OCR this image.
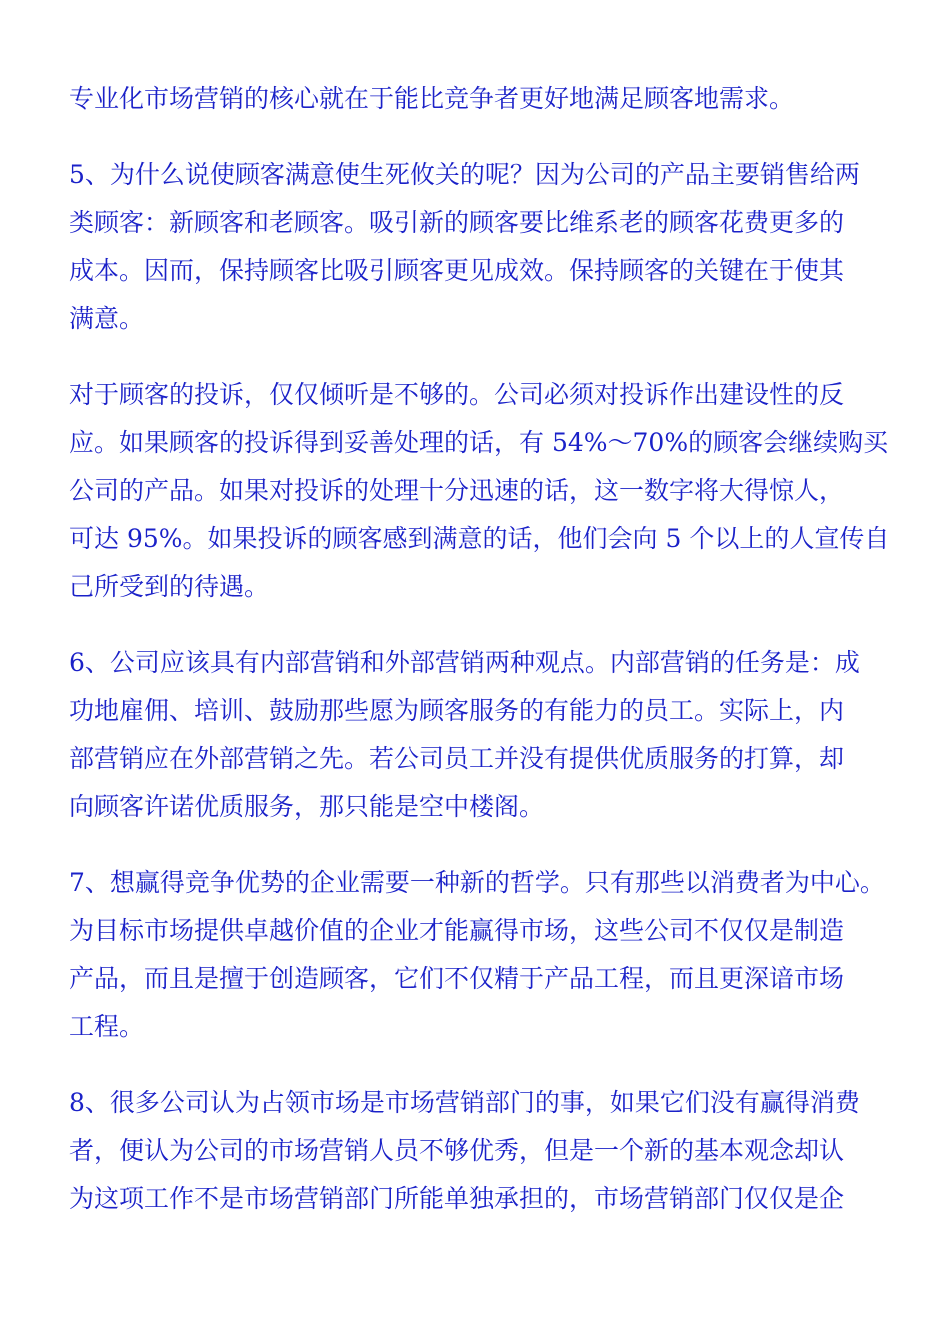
专业化市场营销的核心就在于能比竞争者更好地满足顾客地需求。

5、为什么说使顾客满意使生死攸关的呢？因为公司的产品主要销售给两

类顾客：新顾客和老顾客。吸引新的顾客要比维系老的顾客花费更多的

成本。因而，保持顾客比吸引顾客更见成效。保持顾客的关键在于使其

满意。

对于顾客的投诉，仅仅倾听是不够的。公司必须对投诉作出建设性的反

应。如果顾客的投诉得到妥善处理的话，有 54%～70%的顾客会继续购买

公司的产品。如果对投诉的处理十分迅速的话，这一数字将大得惊人，

可达 95%。如果投诉的顾客感到满意的话，他们会向 5 个以上的人宣传自

己所受到的待遇。

6、公司应该具有内部营销和外部营销两种观点。内部营销的任务是：成

功地雇佣、培训、鼓励那些愿为顾客服务的有能力的员工。实际上，内

部营销应在外部营销之先。若公司员工并没有提供优质服务的打算，却

向顾客许诺优质服务，那只能是空中楼阁。

7、想赢得竞争优势的企业需要一种新的哲学。只有那些以消费者为中心。

为目标市场提供卓越价值的企业才能赢得市场，这些公司不仅仅是制造

产品，而且是擅于创造顾客，它们不仅精于产品工程，而且更深谙市场

工程。

8、很多公司认为占领市场是市场营销部门的事，如果它们没有赢得消费

者，便认为公司的市场营销人员不够优秀，但是一个新的基本观念却认

为这项工作不是市场营销部门所能单独承担的，市场营销部门仅仅是企
